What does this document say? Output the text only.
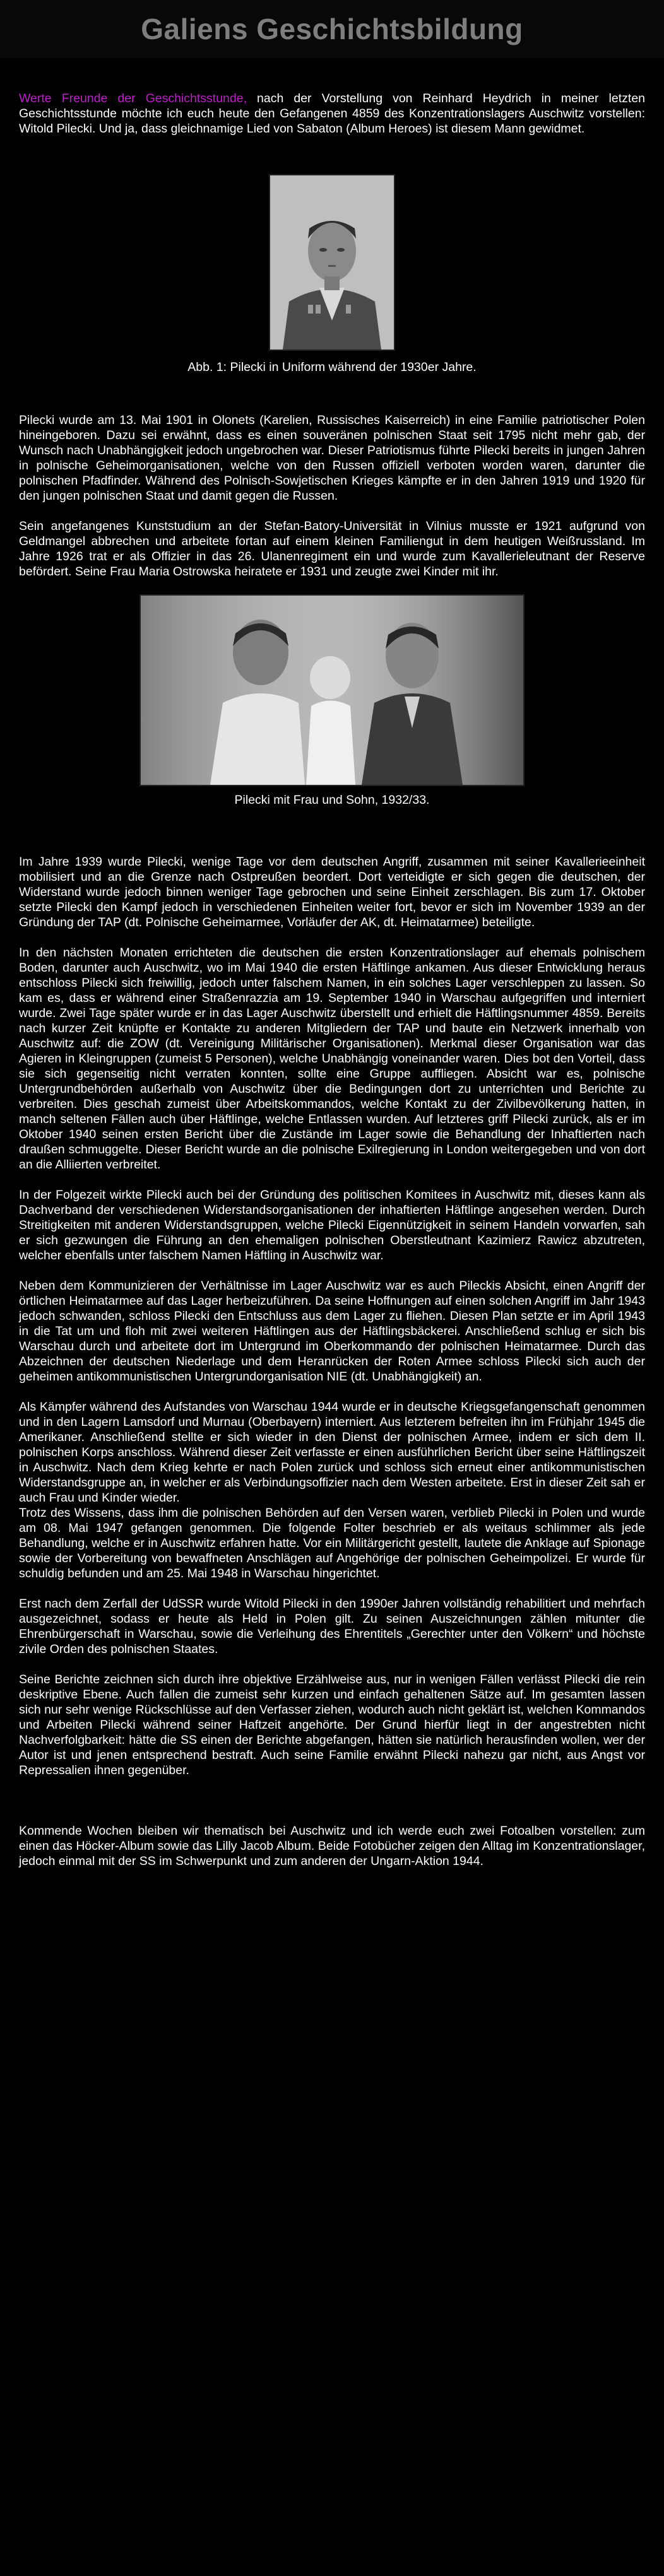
Galiens Geschichtsbildung

Werte Freunde der Geschichtsstunde, nach der Vorstellung von Reinhard Heydrich in meiner letzten Geschichtsstunde möchte ich euch heute den Gefangenen 4859 des Konzentrationslagers Auschwitz vorstellen: Witold Pilecki. Und ja, dass gleichnamige Lied von Sabaton (Album Heroes) ist diesem Mann gewidmet.

Abb. 1: Pilecki in Uniform während der 1930er Jahre.

Pilecki wurde am 13. Mai 1901 in Olonets (Karelien, Russisches Kaiserreich) in eine Familie patriotischer Polen hineingeboren. Dazu sei erwähnt, dass es einen souveränen polnischen Staat seit 1795 nicht mehr gab, der Wunsch nach Unabhängigkeit jedoch ungebrochen war. Dieser Patriotismus führte Pilecki bereits in jungen Jahren in polnische Geheimorganisationen, welche von den Russen offiziell verboten worden waren, darunter die polnischen Pfadfinder. Während des Polnisch-Sowjetischen Krieges kämpfte er in den Jahren 1919 und 1920 für den jungen polnischen Staat und damit gegen die Russen.

Sein angefangenes Kunststudium an der Stefan-Batory-Universität in Vilnius musste er 1921 aufgrund von Geldmangel abbrechen und arbeitete fortan auf einem kleinen Familiengut in dem heutigen Weißrussland. Im Jahre 1926 trat er als Offizier in das 26. Ulanenregiment ein und wurde zum Kavallerieleutnant der Reserve befördert. Seine Frau Maria Ostrowska heiratete er 1931 und zeugte zwei Kinder mit ihr.

Pilecki mit Frau und Sohn, 1932/33.

Im Jahre 1939 wurde Pilecki, wenige Tage vor dem deutschen Angriff, zusammen mit seiner Kavallerieeinheit mobilisiert und an die Grenze nach Ostpreußen beordert. Dort verteidigte er sich gegen die deutschen, der Widerstand wurde jedoch binnen weniger Tage gebrochen und seine Einheit zerschlagen. Bis zum 17. Oktober setzte Pilecki den Kampf jedoch in verschiedenen Einheiten weiter fort, bevor er sich im November 1939 an der Gründung der TAP (dt. Polnische Geheimarmee, Vorläufer der AK, dt. Heimatarmee) beteiligte.

In den nächsten Monaten errichteten die deutschen die ersten Konzentrationslager auf ehemals polnischem Boden, darunter auch Auschwitz, wo im Mai 1940 die ersten Häftlinge ankamen. Aus dieser Entwicklung heraus entschloss Pilecki sich freiwillig, jedoch unter falschem Namen, in ein solches Lager verschleppen zu lassen. So kam es, dass er während einer Straßenrazzia am 19. September 1940 in Warschau aufgegriffen und interniert wurde. Zwei Tage später wurde er in das Lager Auschwitz überstellt und erhielt die Häftlingsnummer 4859. Bereits nach kurzer Zeit knüpfte er Kontakte zu anderen Mitgliedern der TAP und baute ein Netzwerk innerhalb von Auschwitz auf: die ZOW (dt. Vereinigung Militärischer Organisationen). Merkmal dieser Organisation war das Agieren in Kleingruppen (zumeist 5 Personen), welche Unabhängig voneinander waren. Dies bot den Vorteil, dass sie sich gegenseitig nicht verraten konnten, sollte eine Gruppe auffliegen. Absicht war es, polnische Untergrundbehörden außerhalb von Auschwitz über die Bedingungen dort zu unterrichten und Berichte zu verbreiten. Dies geschah zumeist über Arbeitskommandos, welche Kontakt zu der Zivilbevölkerung hatten, in manch seltenen Fällen auch über Häftlinge, welche Entlassen wurden. Auf letzteres griff Pilecki zurück, als er im Oktober 1940 seinen ersten Bericht über die Zustände im Lager sowie die Behandlung der Inhaftierten nach draußen schmuggelte. Dieser Bericht wurde an die polnische Exilregierung in London weitergegeben und von dort an die Alliierten verbreitet.

In der Folgezeit wirkte Pilecki auch bei der Gründung des politischen Komitees in Auschwitz mit, dieses kann als Dachverband der verschiedenen Widerstandsorganisationen der inhaftierten Häftlinge angesehen werden. Durch Streitigkeiten mit anderen Widerstandsgruppen, welche Pilecki Eigennützigkeit in seinem Handeln vorwarfen, sah er sich gezwungen die Führung an den ehemaligen polnischen Oberstleutnant Kazimierz Rawicz abzutreten, welcher ebenfalls unter falschem Namen Häftling in Auschwitz war.

Neben dem Kommunizieren der Verhältnisse im Lager Auschwitz war es auch Pileckis Absicht, einen Angriff der örtlichen Heimatarmee auf das Lager herbeizuführen. Da seine Hoffnungen auf einen solchen Angriff im Jahr 1943 jedoch schwanden, schloss Pilecki den Entschluss aus dem Lager zu fliehen. Diesen Plan setzte er im April 1943 in die Tat um und floh mit zwei weiteren Häftlingen aus der Häftlingsbäckerei. Anschließend schlug er sich bis Warschau durch und arbeitete dort im Untergrund im Oberkommando der polnischen Heimatarmee. Durch das Abzeichnen der deutschen Niederlage und dem Heranrücken der Roten Armee schloss Pilecki sich auch der geheimen antikommunistischen Untergrundorganisation NIE (dt. Unabhängigkeit) an.

Als Kämpfer während des Aufstandes von Warschau 1944 wurde er in deutsche Kriegsgefangenschaft genommen und in den Lagern Lamsdorf und Murnau (Oberbayern) interniert. Aus letzterem befreiten ihn im Frühjahr 1945 die Amerikaner. Anschließend stellte er sich wieder in den Dienst der polnischen Armee, indem er sich dem II. polnischen Korps anschloss. Während dieser Zeit verfasste er einen ausführlichen Bericht über seine Häftlingszeit in Auschwitz. Nach dem Krieg kehrte er nach Polen zurück und schloss sich erneut einer antikommunistischen Widerstandsgruppe an, in welcher er als Verbindungsoffizier nach dem Westen arbeitete. Erst in dieser Zeit sah er auch Frau und Kinder wieder.

Trotz des Wissens, dass ihm die polnischen Behörden auf den Versen waren, verblieb Pilecki in Polen und wurde am 08. Mai 1947 gefangen genommen. Die folgende Folter beschrieb er als weitaus schlimmer als jede Behandlung, welche er in Auschwitz erfahren hatte. Vor ein Militärgericht gestellt, lautete die Anklage auf Spionage sowie der Vorbereitung von bewaffneten Anschlägen auf Angehörige der polnischen Geheimpolizei. Er wurde für schuldig befunden und am 25. Mai 1948 in Warschau hingerichtet.

Erst nach dem Zerfall der UdSSR wurde Witold Pilecki in den 1990er Jahren vollständig rehabilitiert und mehrfach ausgezeichnet, sodass er heute als Held in Polen gilt. Zu seinen Auszeichnungen zählen mitunter die Ehrenbürgerschaft in Warschau, sowie die Verleihung des Ehrentitels „Gerechter unter den Völkern“ und höchste zivile Orden des polnischen Staates.

Seine Berichte zeichnen sich durch ihre objektive Erzählweise aus, nur in wenigen Fällen verlässt Pilecki die rein deskriptive Ebene. Auch fallen die zumeist sehr kurzen und einfach gehaltenen Sätze auf. Im gesamten lassen sich nur sehr wenige Rückschlüsse auf den Verfasser ziehen, wodurch auch nicht geklärt ist, welchen Kommandos und Arbeiten Pilecki während seiner Haftzeit angehörte. Der Grund hierfür liegt in der angestrebten nicht Nachverfolgbarkeit: hätte die SS einen der Berichte abgefangen, hätten sie natürlich herausfinden wollen, wer der Autor ist und jenen entsprechend bestraft. Auch seine Familie erwähnt Pilecki nahezu gar nicht, aus Angst vor Repressalien ihnen gegenüber.

Kommende Wochen bleiben wir thematisch bei Auschwitz und ich werde euch zwei Fotoalben vorstellen: zum einen das Höcker-Album sowie das Lilly Jacob Album. Beide Fotobücher zeigen den Alltag im Konzentrationslager, jedoch einmal mit der SS im Schwerpunkt und zum anderen der Ungarn-Aktion 1944.
